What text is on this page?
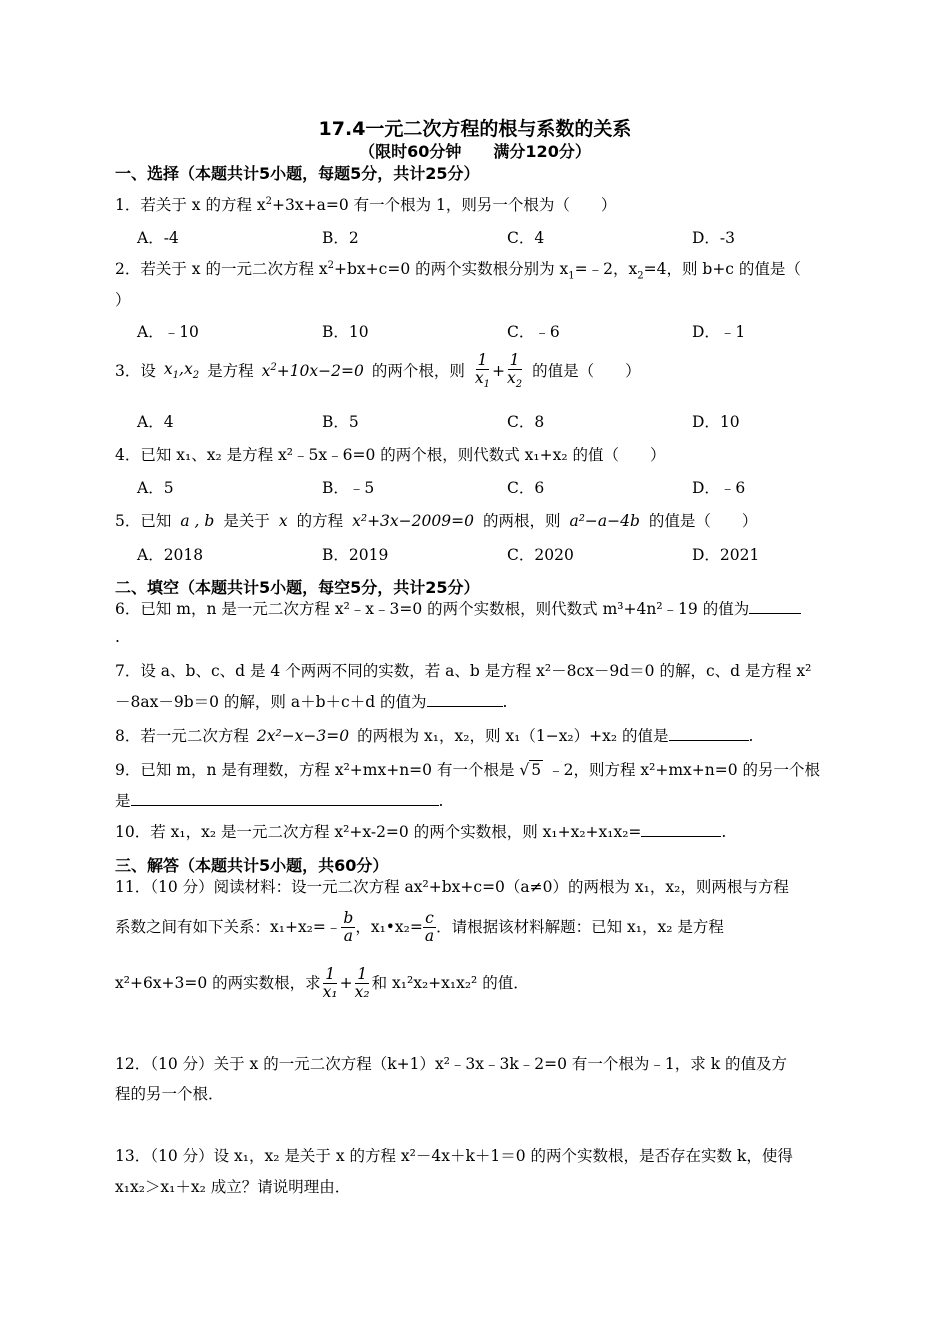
17.4一元二次方程的根与系数的关系
（限时60分钟　　满分120分）
一、选择（本题共计5小题，每题5分，共计25分）
1．若关于 x 的方程 $x^2+3x+a=0$ 有一个根为 1，则另一个根为（　　）
A．-4	B．2	C．4	D．-3
2．若关于 x 的一元二次方程 $x^2+bx+c=0$ 的两个实数根分别为 $x_1=﹣2$，$x_2=4$，则 b+c 的值是（
）
A．﹣10	B．10	C．﹣6	D．﹣1
3．设 $x_1,x_2$ 是方程 $x^2+10x-2=0$ 的两个根，则 $\frac{1}{x_1} + \frac{1}{x_2}$ 的值是（　　）
A．4	B．5	C．8	D．10
4．已知 x₁、x₂ 是方程 x²﹣5x﹣6=0 的两个根，则代数式 x₁+x₂ 的值（　　）
A．5	B．﹣5	C．6	D．﹣6
5．已知 a , b 是关于 x 的方程 x²+3x−2009=0 的两根，则 a²−a−4b 的值是（　　）
A．2018	B．2019	C．2020	D．2021
二、填空（本题共计5小题，每空5分，共计25分）
6．已知 m，n 是一元二次方程 x²﹣x﹣3=0 的两个实数根，则代数式 m³+4n²﹣19 的值为
.
7．设 a、b、c、d 是 4 个两两不同的实数，若 a、b 是方程 x²－8cx－9d＝0 的解，c、d 是方程 x²
－8ax－9b＝0 的解，则 a＋b＋c＋d 的值为	.
8．若一元二次方程 2x²−x−3=0 的两根为 x₁，x₂，则 x₁（1−x₂）+x₂ 的值是	.
9．已知 m，n 是有理数，方程 x²+mx+n=0 有一个根是 √ 5 ﹣2，则方程 x²+mx+n=0 的另一个根
是	.
10．若 x₁，x₂ 是一元二次方程 x²+x-2=0 的两个实数根，则 x₁+x₂+x₁x₂=	.
三、解答（本题共计5小题，共60分）
11．（10 分）阅读材料：设一元二次方程 ax²+bx+c=0（a≠0）的两根为 x₁，x₂，则两根与方程
系数之间有如下关系：x₁+x₂=﹣ $\frac{b}{a}$ ，x₁•x₂= $\frac{c}{a}$ ．请根据该材料解题：已知 x₁，x₂ 是方程
x²+6x+3=0 的两实数根，求 $\frac{1}{\text{x₁}} + \frac{1}{\text{x₂}}$ 和 x₁²x₂+x₁x₂² 的值．
12．（10 分）关于 x 的一元二次方程（k+1）x²﹣3x﹣3k﹣2=0 有一个根为﹣1，求 k 的值及方
程的另一个根．
13．（10 分）设 x₁，x₂ 是关于 x 的方程 x²－4x＋k＋1＝0 的两个实数根，是否存在实数 k，使得
x₁x₂＞x₁＋x₂ 成立？请说明理由．
